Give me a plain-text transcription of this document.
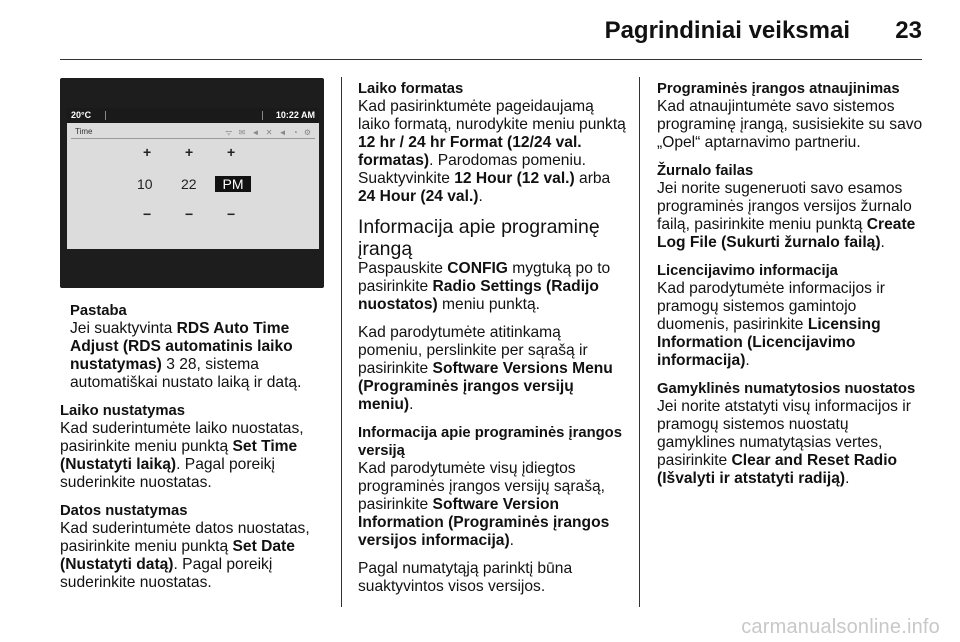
Pagrindiniai veiksmai 23
20°C	10:22 AM
Time	ᯤ ✉ ◄ ✕ ◄ ◔ ⚙
+ + +
10 22	PM
− − −

Pastaba

Jei suaktyvinta RDS Auto Time Adjust (RDS automatinis laiko nustatymas) 3 28, sistema automatiškai nustato laiką ir datą.

Laiko nustatymas

Kad suderintumėte laiko nuostatas, pasirinkite meniu punktą Set Time (Nustatyti laiką). Pagal poreikį suderinkite nuostatas.

Datos nustatymas

Kad suderintumėte datos nuostatas, pasirinkite meniu punktą Set Date (Nustatyti datą). Pagal poreikį suderinkite nuostatas.

Laiko formatas

Kad pasirinktumėte pageidaujamą laiko formatą, nurodykite meniu punktą 12 hr / 24 hr Format (12/24 val. formatas). Parodomas pomeniu. Suaktyvinkite 12 Hour (12 val.) arba 24 Hour (24 val.).

Informacija apie programinę įrangą

Paspauskite CONFIG mygtuką po to pasirinkite Radio Settings (Radijo nuostatos) meniu punktą.

Kad parodytumėte atitinkamą pomeniu, perslinkite per sąrašą ir pasirinkite Software Versions Menu (Programinės įrangos versijų meniu).

Informacija apie programinės įrangos versiją

Kad parodytumėte visų įdiegtos programinės įrangos versijų sąrašą, pasirinkite Software Version Information (Programinės įrangos versijos informacija).

Pagal numatytąją parinktį būna suaktyvintos visos versijos.

Programinės įrangos atnaujinimas

Kad atnaujintumėte savo sistemos programinę įrangą, susisiekite su savo „Opel“ aptarnavimo partneriu.

Žurnalo failas

Jei norite sugeneruoti savo esamos programinės įrangos versijos žurnalo failą, pasirinkite meniu punktą Create Log File (Sukurti žurnalo failą).

Licencijavimo informacija

Kad parodytumėte informacijos ir pramogų sistemos gamintojo duomenis, pasirinkite Licensing Information (Licencijavimo informacija).

Gamyklinės numatytosios nuostatos

Jei norite atstatyti visų informacijos ir pramogų sistemos nuostatų gamyklines numatytąsias vertes, pasirinkite Clear and Reset Radio (Išvalyti ir atstatyti radiją).

carmanualsonline.info
